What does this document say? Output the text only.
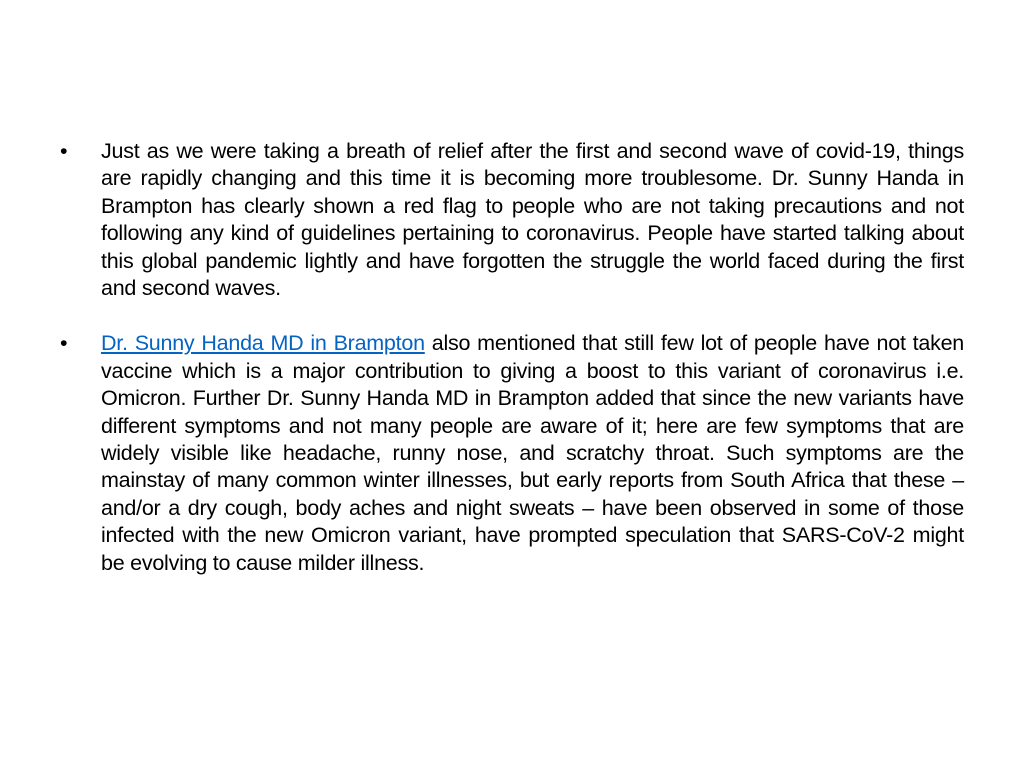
•	Just as we were taking a breath of relief after the first and second wave of covid-19, things are rapidly changing and this time it is becoming more troublesome. Dr. Sunny Handa in Brampton has clearly shown a red flag to people who are not taking precautions and not following any kind of guidelines pertaining to coronavirus. People have started talking about this global pandemic lightly and have forgotten the struggle the world faced during the first and second waves.
•	Dr. Sunny Handa MD in Brampton also mentioned that still few lot of people have not taken vaccine which is a major contribution to giving a boost to this variant of coronavirus i.e. Omicron. Further Dr. Sunny Handa MD in Brampton added that since the new variants have different symptoms and not many people are aware of it; here are few symptoms that are widely visible like headache, runny nose, and scratchy throat. Such symptoms are the mainstay of many common winter illnesses, but early reports from South Africa that these – and/or a dry cough, body aches and night sweats – have been observed in some of those infected with the new Omicron variant, have prompted speculation that SARS-CoV-2 might be evolving to cause milder illness.
